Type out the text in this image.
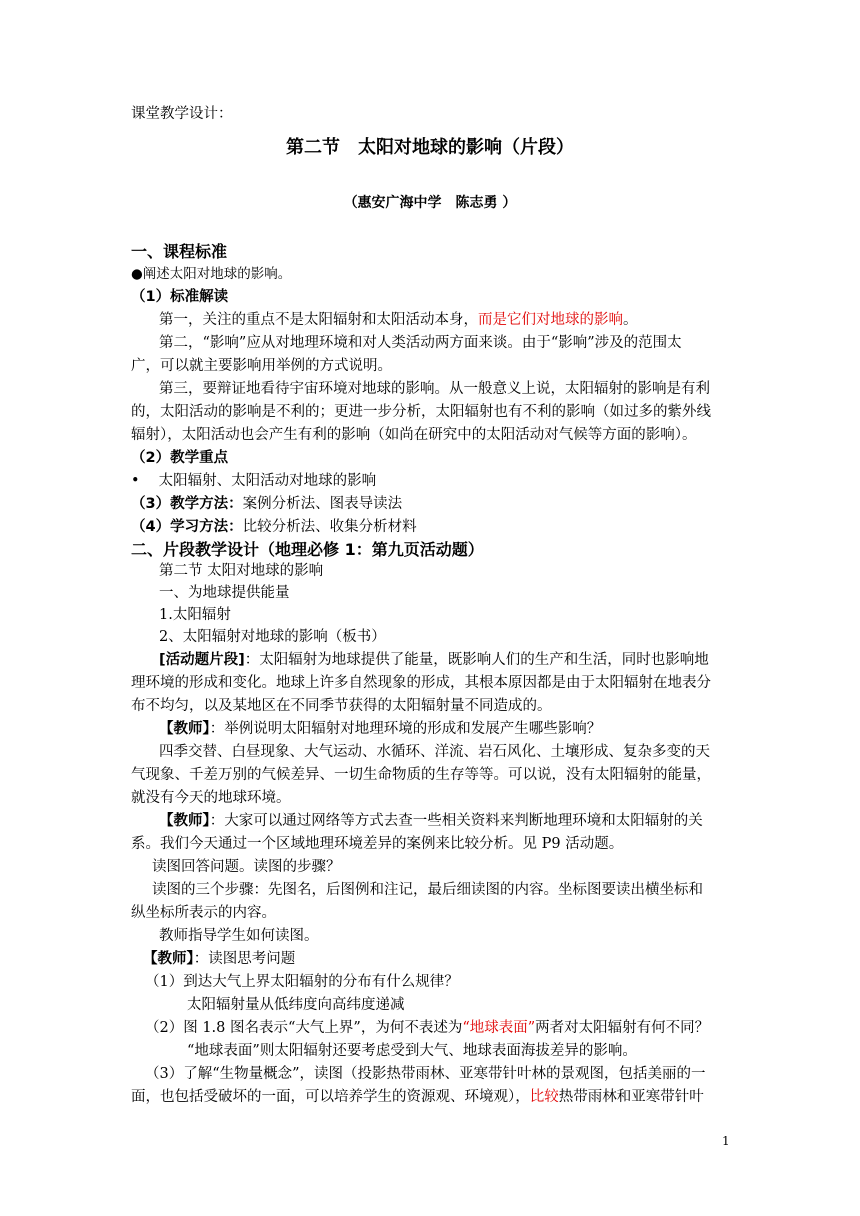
课堂教学设计：
第二节　太阳对地球的影响（片段）
（惠安广海中学　陈志勇 ）
一、课程标准
●阐述太阳对地球的影响。
（1）标准解读
第一，关注的重点不是太阳辐射和太阳活动本身，而是它们对地球的影响。
第二，“影响”应从对地理环境和对人类活动两方面来谈。由于“影响”涉及的范围太
广，可以就主要影响用举例的方式说明。
第三，要辩证地看待宇宙环境对地球的影响。从一般意义上说，太阳辐射的影响是有利
的，太阳活动的影响是不利的；更进一步分析，太阳辐射也有不利的影响（如过多的紫外线
辐射），太阳活动也会产生有利的影响（如尚在研究中的太阳活动对气候等方面的影响）。
（2）教学重点
•　 太阳辐射、太阳活动对地球的影响
（3）教学方法：案例分析法、图表导读法
（4）学习方法：比较分析法、收集分析材料
二、片段教学设计（地理必修 1：第九页活动题）
第二节 太阳对地球的影响
一、为地球提供能量
1.太阳辐射
2、太阳辐射对地球的影响（板书）
[活动题片段]：太阳辐射为地球提供了能量，既影响人们的生产和生活，同时也影响地
理环境的形成和变化。地球上许多自然现象的形成，其根本原因都是由于太阳辐射在地表分
布不均匀，以及某地区在不同季节获得的太阳辐射量不同造成的。
【教师】：举例说明太阳辐射对地理环境的形成和发展产生哪些影响？
四季交替、白昼现象、大气运动、水循环、洋流、岩石风化、土壤形成、复杂多变的天
气现象、千差万别的气候差异、一切生命物质的生存等等。可以说，没有太阳辐射的能量，
就没有今天的地球环境。
【教师】：大家可以通过网络等方式去查一些相关资料来判断地理环境和太阳辐射的关
系。我们今天通过一个区域地理环境差异的案例来比较分析。见 P9 活动题。
读图回答问题。读图的步骤？
读图的三个步骤：先图名，后图例和注记，最后细读图的内容。坐标图要读出横坐标和
纵坐标所表示的内容。
教师指导学生如何读图。
【教师】：读图思考问题
（1）到达大气上界太阳辐射的分布有什么规律？
太阳辐射量从低纬度向高纬度递减
（2）图 1.8 图名表示“大气上界”，为何不表述为“地球表面”两者对太阳辐射有何不同？
“地球表面”则太阳辐射还要考虑受到大气、地球表面海拔差异的影响。
（3）了解“生物量概念”，读图（投影热带雨林、亚寒带针叶林的景观图，包括美丽的一
面，也包括受破坏的一面，可以培养学生的资源观、环境观），比较热带雨林和亚寒带针叶
1
